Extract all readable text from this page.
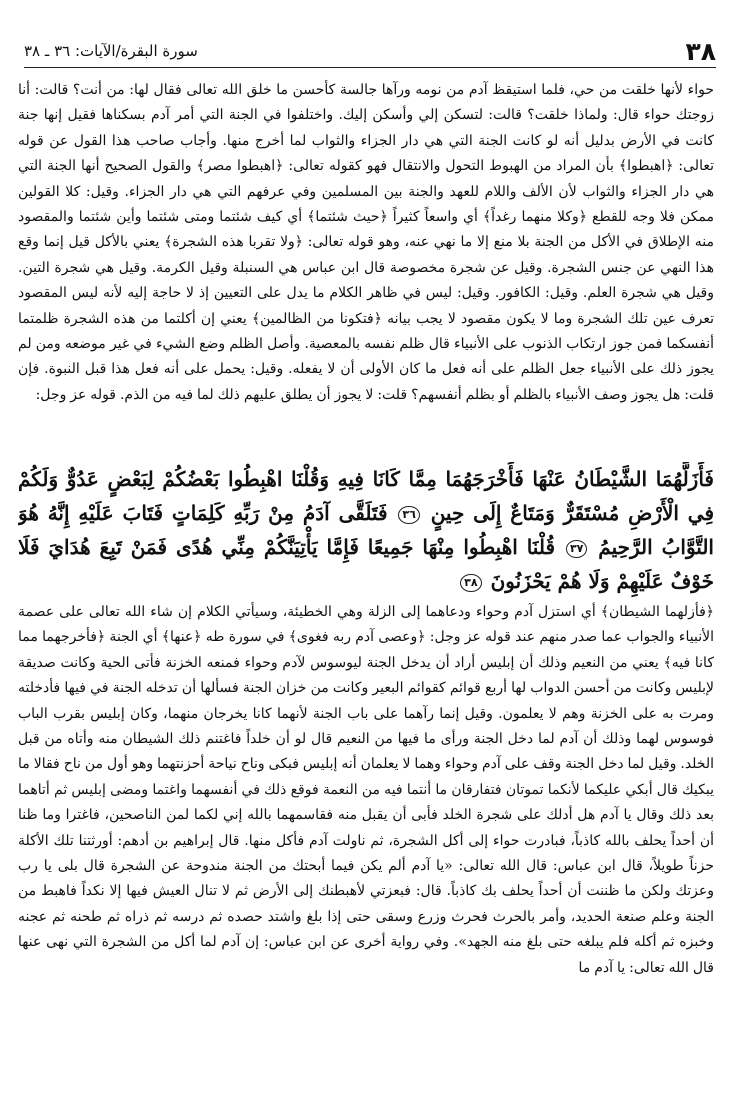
٣٨
سورة البقرة/الآيات: ٣٦ ـ ٣٨
حواء لأنها خلقت من حي، فلما استيقظ آدم من نومه ورآها جالسة كأحسن ما خلق الله تعالى فقال لها: من أنت؟ قالت: أنا زوجتك حواء قال: ولماذا خلقت؟ قالت: لتسكن إلي وأسكن إليك. واختلفوا في الجنة التي أمر آدم بسكناها فقيل إنها جنة كانت في الأرض بدليل أنه لو كانت الجنة التي هي دار الجزاء والثواب لما أخرج منها. وأجاب صاحب هذا القول عن قوله تعالى: ﴿اهبطوا﴾ بأن المراد من الهبوط التحول والانتقال فهو كقوله تعالى: ﴿اهبطوا مصر﴾ والقول الصحيح أنها الجنة التي هي دار الجزاء والثواب لأن الألف واللام للعهد والجنة بين المسلمين وفي عرفهم التي هي دار الجزاء. وقيل: كلا القولين ممكن فلا وجه للقطع ﴿وكلا منهما رغداً﴾ أي واسعاً كثيراً ﴿حيث شئتما﴾ أي كيف شئتما ومتى شئتما وأين شئتما والمقصود منه الإطلاق في الأكل من الجنة بلا منع إلا ما نهي عنه، وهو قوله تعالى: ﴿ولا تقربا هذه الشجرة﴾ يعني بالأكل قيل إنما وقع هذا النهي عن جنس الشجرة. وقيل عن شجرة مخصوصة قال ابن عباس هي السنبلة وقيل الكرمة. وقيل هي شجرة التين. وقيل هي شجرة العلم. وقيل: الكافور. وقيل: ليس في ظاهر الكلام ما يدل على التعيين إذ لا حاجة إليه لأنه ليس المقصود تعرف عين تلك الشجرة وما لا يكون مقصود لا يجب بيانه ﴿فتكونا من الظالمين﴾ يعني إن أكلتما من هذه الشجرة ظلمتما أنفسكما فمن جوز ارتكاب الذنوب على الأنبياء قال ظلم نفسه بالمعصية. وأصل الظلم وضع الشيء في غير موضعه ومن لم يجوز ذلك على الأنبياء جعل الظلم على أنه فعل ما كان الأولى أن لا يفعله. وقيل: يحمل على أنه فعل هذا قبل النبوة. فإن قلت: هل يجوز وصف الأنبياء بالظلم أو بظلم أنفسهم؟ قلت: لا يجوز أن يطلق عليهم ذلك لما فيه من الذم. قوله عز وجل:
فَأَزَلَّهُمَا الشَّيْطَانُ عَنْهَا فَأَخْرَجَهُمَا مِمَّا كَانَا فِيهِ وَقُلْنَا اهْبِطُوا بَعْضُكُمْ لِبَعْضٍ عَدُوٌّ وَلَكُمْ فِي الْأَرْضِ مُسْتَقَرٌّ وَمَتَاعٌ إِلَى حِينٍ ٣٦ فَتَلَقَّى آدَمُ مِنْ رَبِّهِ كَلِمَاتٍ فَتَابَ عَلَيْهِ إِنَّهُ هُوَ التَّوَّابُ الرَّحِيمُ ٣٧ قُلْنَا اهْبِطُوا مِنْهَا جَمِيعًا فَإِمَّا يَأْتِيَنَّكُمْ مِنِّي هُدًى فَمَنْ تَبِعَ هُدَايَ فَلَا خَوْفٌ عَلَيْهِمْ وَلَا هُمْ يَحْزَنُونَ ٣٨
﴿فأزلهما الشيطان﴾ أي استزل آدم وحواء ودعاهما إلى الزلة وهي الخطيئة، وسيأتي الكلام إن شاء الله تعالى على عصمة الأنبياء والجواب عما صدر منهم عند قوله عز وجل: ﴿وعصى آدم ربه فغوى﴾ في سورة طه ﴿عنها﴾ أي الجنة ﴿فأخرجهما مما كانا فيه﴾ يعني من النعيم وذلك أن إبليس أراد أن يدخل الجنة ليوسوس لآدم وحواء فمنعه الخزنة فأتى الحية وكانت صديقة لإبليس وكانت من أحسن الدواب لها أربع قوائم كقوائم البعير وكانت من خزان الجنة فسألها أن تدخله الجنة في فيها فأدخلته ومرت به على الخزنة وهم لا يعلمون. وقيل إنما رآهما على باب الجنة لأنهما كانا يخرجان منهما، وكان إبليس بقرب الباب فوسوس لهما وذلك أن آدم لما دخل الجنة ورأى ما فيها من النعيم قال لو أن خلداً فاغتنم ذلك الشيطان منه وأتاه من قبل الخلد. وقيل لما دخل الجنة وقف على آدم وحواء وهما لا يعلمان أنه إبليس فبكى وناح نياحة أحزنتهما وهو أول من ناح فقالا ما يبكيك قال أبكي عليكما لأنكما تموتان فتفارقان ما أنتما فيه من النعمة فوقع ذلك في أنفسهما واغتما ومضى إبليس ثم أتاهما بعد ذلك وقال يا آدم هل أدلك على شجرة الخلد فأبى أن يقبل منه فقاسمهما بالله إني لكما لمن الناصحين، فاغترا وما ظنا أن أحداً يحلف بالله كاذباً، فبادرت حواء إلى أكل الشجرة، ثم ناولت آدم فأكل منها. قال إبراهيم بن أدهم: أورثتنا تلك الأكلة حزناً طويلاً، قال ابن عباس: قال الله تعالى: «يا آدم ألم يكن فيما أبحتك من الجنة مندوحة عن الشجرة قال بلى يا رب وعزتك ولكن ما ظننت أن أحداً يحلف بك كاذباً. قال: فبعزتي لأهبطنك إلى الأرض ثم لا تنال العيش فيها إلا نكداً فاهبط من الجنة وعلم صنعة الحديد، وأمر بالحرث فحرث وزرع وسقى حتى إذا بلغ واشتد حصده ثم درسه ثم ذراه ثم طحنه ثم عجنه وخبزه ثم أكله فلم يبلغه حتى بلغ منه الجهد». وفي رواية أخرى عن ابن عباس: إن آدم لما أكل من الشجرة التي نهى عنها قال الله تعالى: يا آدم ما
